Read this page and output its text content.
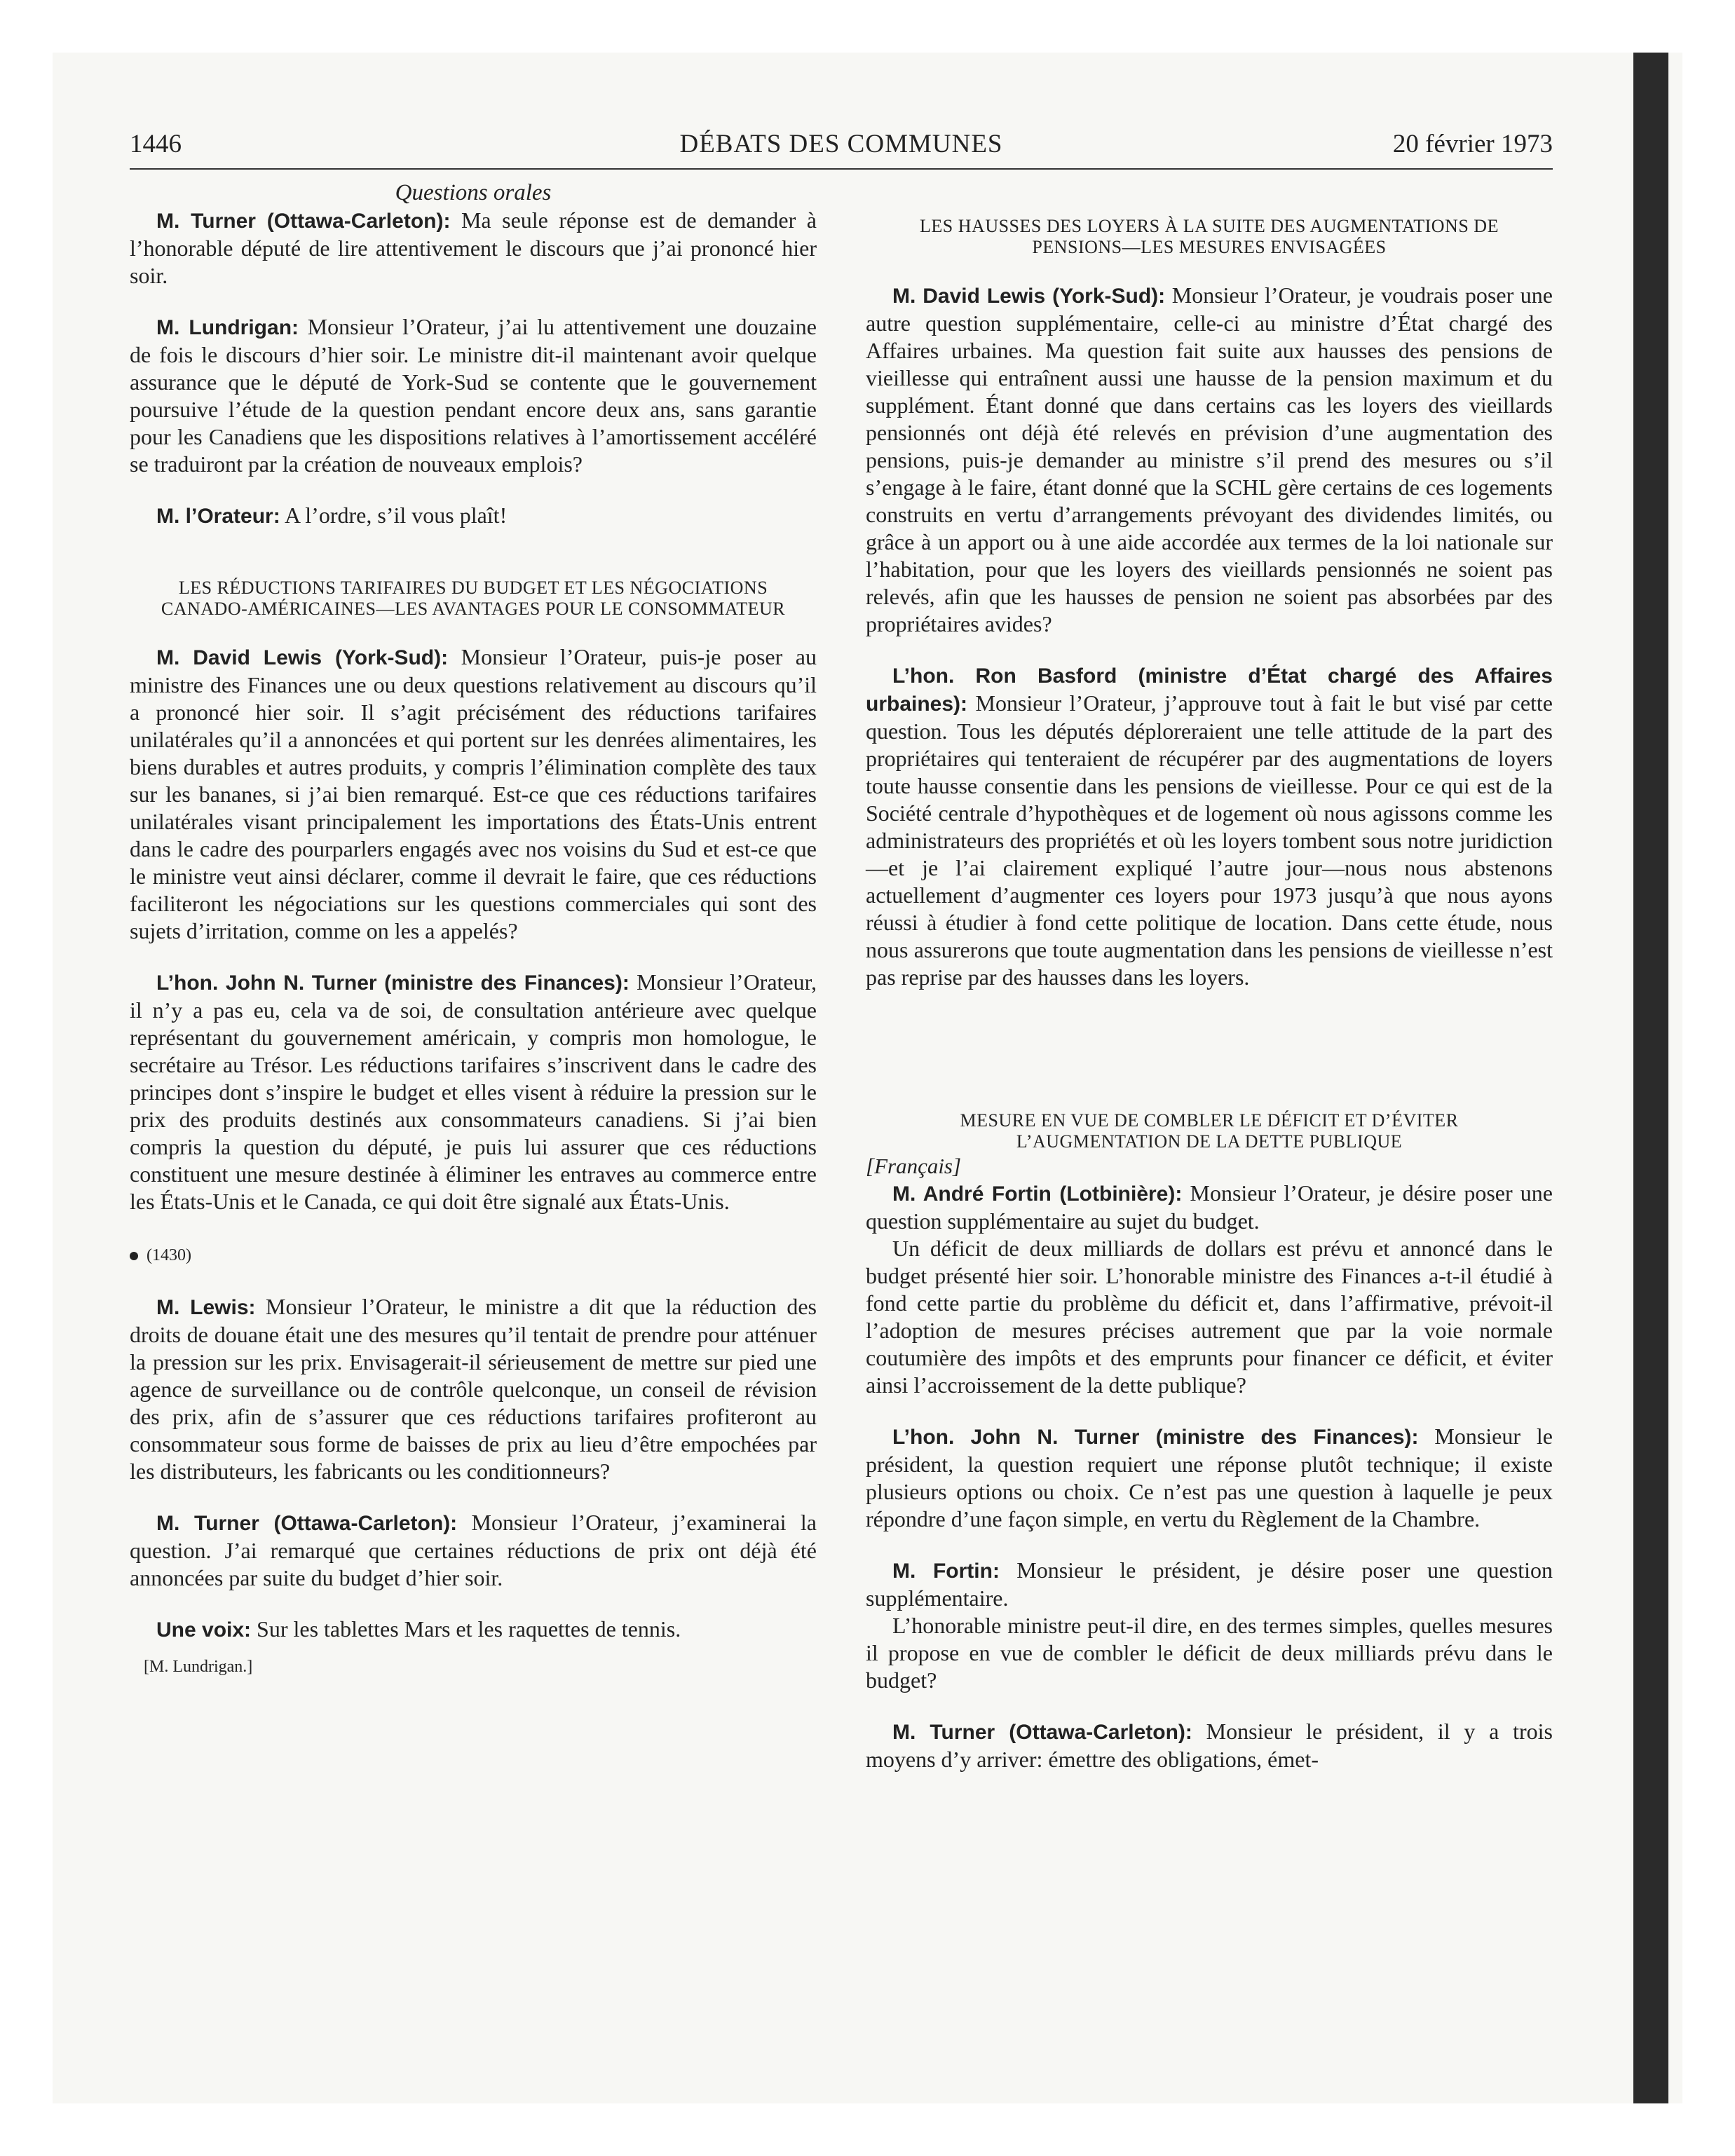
1446	DÉBATS DES COMMUNES	20 février 1973

Questions orales

M. Turner (Ottawa-Carleton): Ma seule réponse est de demander à l’honorable député de lire attentivement le discours que j’ai prononcé hier soir.

M. Lundrigan: Monsieur l’Orateur, j’ai lu attentivement une douzaine de fois le discours d’hier soir. Le ministre dit-il maintenant avoir quelque assurance que le député de York-Sud se contente que le gouvernement poursuive l’étude de la question pendant encore deux ans, sans garantie pour les Canadiens que les dispositions relatives à l’amortissement accéléré se traduiront par la création de nouveaux emplois?

M. l’Orateur: A l’ordre, s’il vous plaît!

LES RÉDUCTIONS TARIFAIRES DU BUDGET ET LES NÉGOCIATIONS CANADO-AMÉRICAINES—LES AVANTAGES POUR LE CONSOMMATEUR

M. David Lewis (York-Sud): Monsieur l’Orateur, puis-je poser au ministre des Finances une ou deux questions relativement au discours qu’il a prononcé hier soir. Il s’agit précisément des réductions tarifaires unilatérales qu’il a annoncées et qui portent sur les denrées alimentaires, les biens durables et autres produits, y compris l’élimination complète des taux sur les bananes, si j’ai bien remarqué. Est-ce que ces réductions tarifaires unilatérales visant principalement les importations des États-Unis entrent dans le cadre des pourparlers engagés avec nos voisins du Sud et est-ce que le ministre veut ainsi déclarer, comme il devrait le faire, que ces réductions faciliteront les négociations sur les questions commerciales qui sont des sujets d’irritation, comme on les a appelés?

L’hon. John N. Turner (ministre des Finances): Monsieur l’Orateur, il n’y a pas eu, cela va de soi, de consultation antérieure avec quelque représentant du gouvernement américain, y compris mon homologue, le secrétaire au Trésor. Les réductions tarifaires s’inscrivent dans le cadre des principes dont s’inspire le budget et elles visent à réduire la pression sur le prix des produits destinés aux consommateurs canadiens. Si j’ai bien compris la question du député, je puis lui assurer que ces réductions constituent une mesure destinée à éliminer les entraves au commerce entre les États-Unis et le Canada, ce qui doit être signalé aux États-Unis.

(1430)

M. Lewis: Monsieur l’Orateur, le ministre a dit que la réduction des droits de douane était une des mesures qu’il tentait de prendre pour atténuer la pression sur les prix. Envisagerait-il sérieusement de mettre sur pied une agence de surveillance ou de contrôle quelconque, un conseil de révision des prix, afin de s’assurer que ces réductions tarifaires profiteront au consommateur sous forme de baisses de prix au lieu d’être empochées par les distributeurs, les fabricants ou les conditionneurs?

M. Turner (Ottawa-Carleton): Monsieur l’Orateur, j’examinerai la question. J’ai remarqué que certaines réductions de prix ont déjà été annoncées par suite du budget d’hier soir.

Une voix: Sur les tablettes Mars et les raquettes de tennis.

[M. Lundrigan.]

LES HAUSSES DES LOYERS À LA SUITE DES AUGMENTATIONS DE PENSIONS—LES MESURES ENVISAGÉES

M. David Lewis (York-Sud): Monsieur l’Orateur, je voudrais poser une autre question supplémentaire, celle-ci au ministre d’État chargé des Affaires urbaines. Ma question fait suite aux hausses des pensions de vieillesse qui entraînent aussi une hausse de la pension maximum et du supplément. Étant donné que dans certains cas les loyers des vieillards pensionnés ont déjà été relevés en prévision d’une augmentation des pensions, puis-je demander au ministre s’il prend des mesures ou s’il s’engage à le faire, étant donné que la SCHL gère certains de ces logements construits en vertu d’arrangements prévoyant des dividendes limités, ou grâce à un apport ou à une aide accordée aux termes de la loi nationale sur l’habitation, pour que les loyers des vieillards pensionnés ne soient pas relevés, afin que les hausses de pension ne soient pas absorbées par des propriétaires avides?

L’hon. Ron Basford (ministre d’État chargé des Affaires urbaines): Monsieur l’Orateur, j’approuve tout à fait le but visé par cette question. Tous les députés déploreraient une telle attitude de la part des propriétaires qui tenteraient de récupérer par des augmentations de loyers toute hausse consentie dans les pensions de vieillesse. Pour ce qui est de la Société centrale d’hypothèques et de logement où nous agissons comme les administrateurs des propriétés et où les loyers tombent sous notre juridiction—et je l’ai clairement expliqué l’autre jour—nous nous abstenons actuellement d’augmenter ces loyers pour 1973 jusqu’à que nous ayons réussi à étudier à fond cette politique de location. Dans cette étude, nous nous assurerons que toute augmentation dans les pensions de vieillesse n’est pas reprise par des hausses dans les loyers.

MESURE EN VUE DE COMBLER LE DÉFICIT ET D’ÉVITER L’AUGMENTATION DE LA DETTE PUBLIQUE

[Français]

M. André Fortin (Lotbinière): Monsieur l’Orateur, je désire poser une question supplémentaire au sujet du budget.

Un déficit de deux milliards de dollars est prévu et annoncé dans le budget présenté hier soir. L’honorable ministre des Finances a-t-il étudié à fond cette partie du problème du déficit et, dans l’affirmative, prévoit-il l’adoption de mesures précises autrement que par la voie normale coutumière des impôts et des emprunts pour financer ce déficit, et éviter ainsi l’accroissement de la dette publique?

L’hon. John N. Turner (ministre des Finances): Monsieur le président, la question requiert une réponse plutôt technique; il existe plusieurs options ou choix. Ce n’est pas une question à laquelle je peux répondre d’une façon simple, en vertu du Règlement de la Chambre.

M. Fortin: Monsieur le président, je désire poser une question supplémentaire.

L’honorable ministre peut-il dire, en des termes simples, quelles mesures il propose en vue de combler le déficit de deux milliards prévu dans le budget?

M. Turner (Ottawa-Carleton): Monsieur le président, il y a trois moyens d’y arriver: émettre des obligations, émet-
